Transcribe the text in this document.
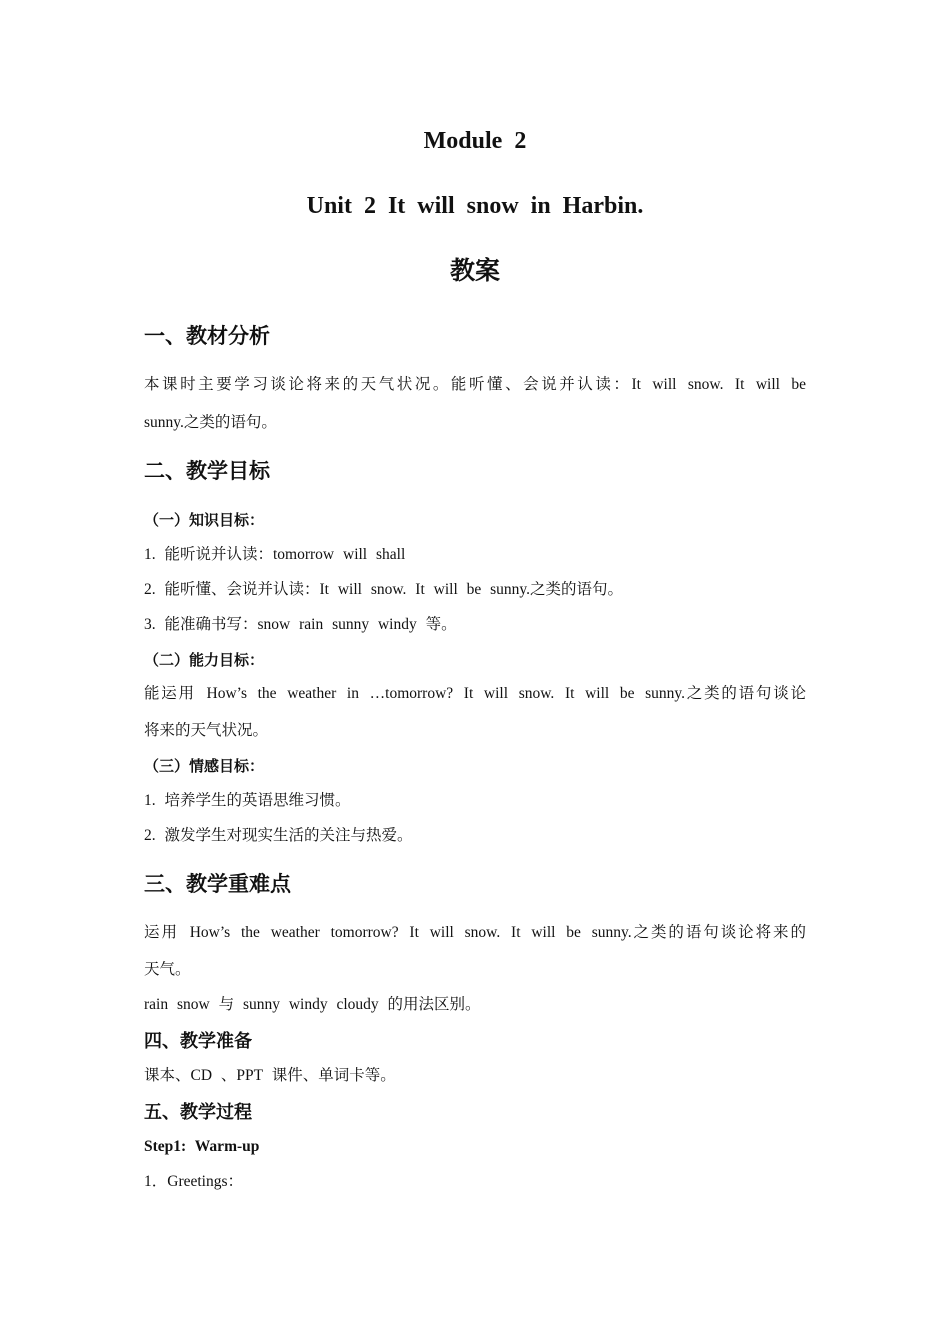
Module 2

Unit 2 It will snow in Harbin.

教案

一、教材分析

本课时主要学习谈论将来的天气状况。能听懂、会说并认读：It will snow. It will be

sunny.之类的语句。

二、教学目标

（一）知识目标：

1. 能听说并认读：tomorrow will shall

2. 能听懂、会说并认读：It will snow. It will be sunny.之类的语句。

3. 能准确书写：snow rain sunny windy 等。

（二）能力目标：

能运用 How’s the weather in …tomorrow? It will snow. It will be sunny.之类的语句谈论

将来的天气状况。

（三）情感目标：

1. 培养学生的英语思维习惯。

2. 激发学生对现实生活的关注与热爱。

三、教学重难点

运用 How’s the weather tomorrow? It will snow. It will be sunny.之类的语句谈论将来的

天气。

rain snow 与 sunny windy cloudy 的用法区别。

四、教学准备

课本、CD 、PPT 课件、单词卡等。

五、教学过程

Step1: Warm-up

1．Greetings：
